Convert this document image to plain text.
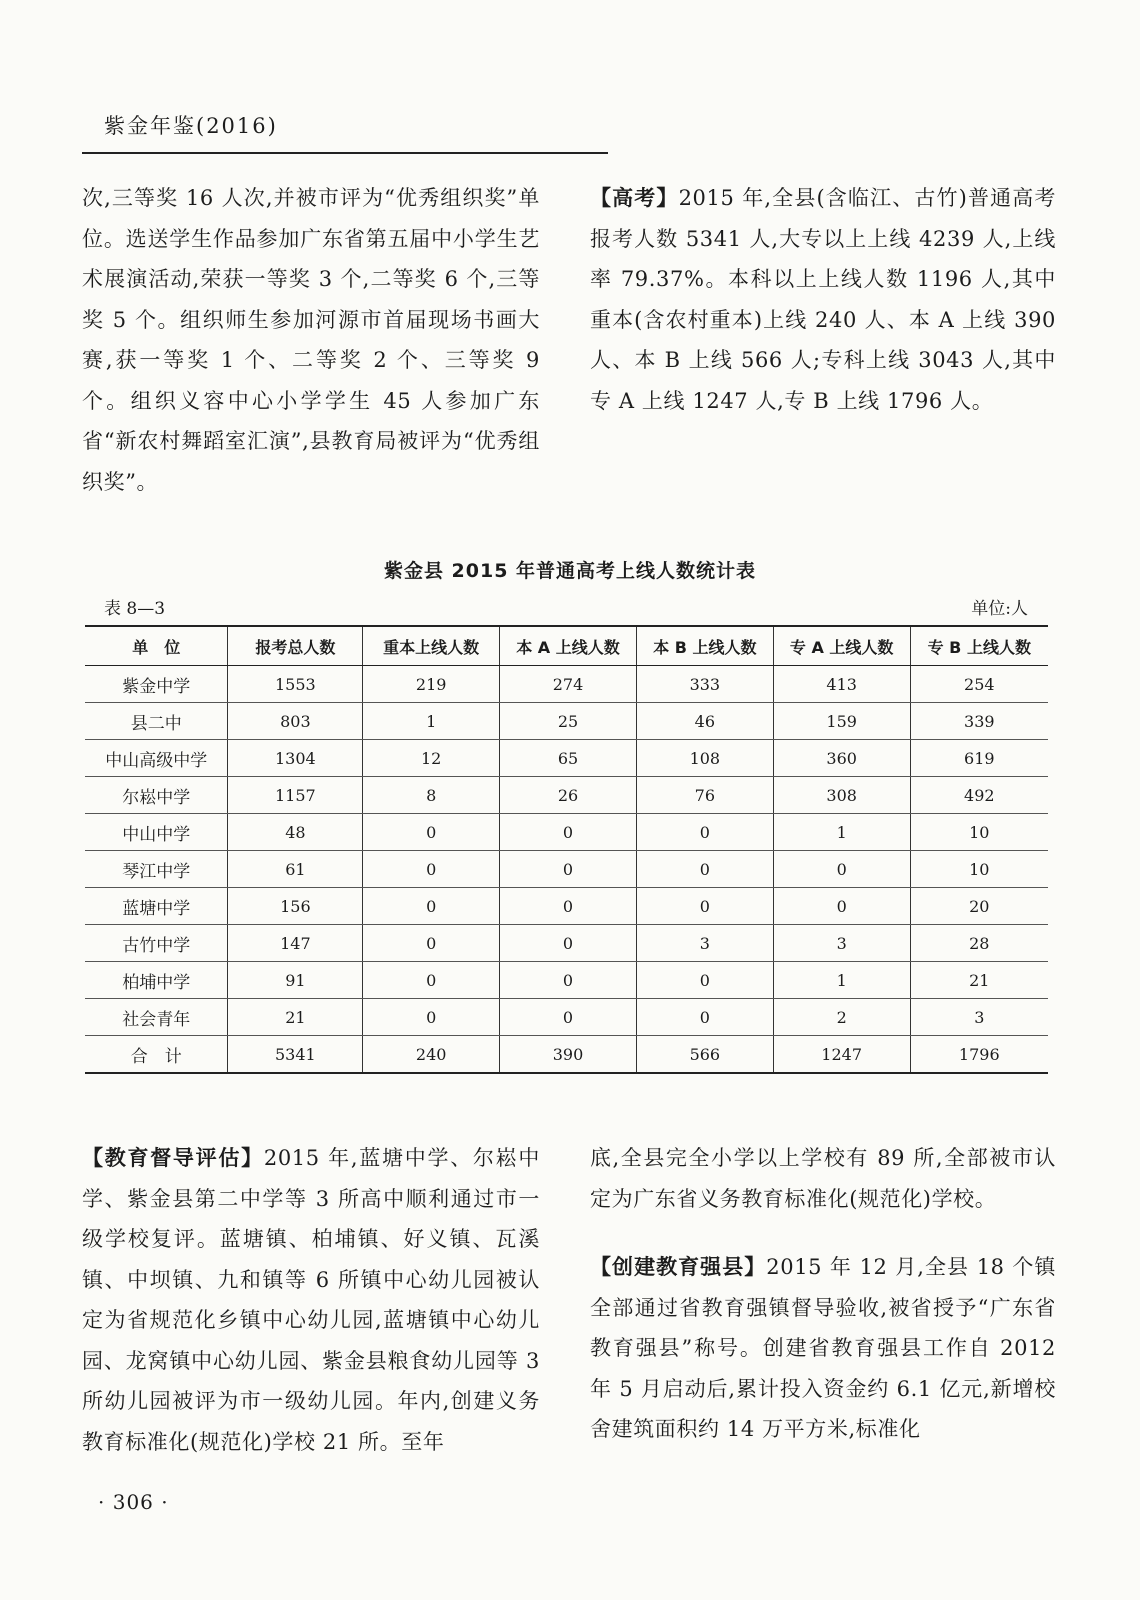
紫金年鉴(2016)

次,三等奖 16 人次,并被市评为“优秀组织奖”单位。选送学生作品参加广东省第五届中小学生艺术展演活动,荣获一等奖 3 个,二等奖 6 个,三等奖 5 个。组织师生参加河源市首届现场书画大赛,获一等奖 1 个、二等奖 2 个、三等奖 9 个。组织义容中心小学学生 45 人参加广东省“新农村舞蹈室汇演”,县教育局被评为“优秀组织奖”。

【高考】2015 年,全县(含临江、古竹)普通高考报考人数 5341 人,大专以上上线 4239 人,上线率 79.37%。本科以上上线人数 1196 人,其中重本(含农村重本)上线 240 人、本 A 上线 390 人、本 B 上线 566 人;专科上线 3043 人,其中专 A 上线 1247 人,专 B 上线 1796 人。

紫金县 2015 年普通高考上线人数统计表
表 8—3	单位:人
单　位	报考总人数	重本上线人数	本 A 上线人数	本 B 上线人数	专 A 上线人数	专 B 上线人数
紫金中学	1553	219	274	333	413	254
县二中	803	1	25	46	159	339
中山高级中学	1304	12	65	108	360	619
尔崧中学	1157	8	26	76	308	492
中山中学	48	0	0	0	1	10
琴江中学	61	0	0	0	0	10
蓝塘中学	156	0	0	0	0	20
古竹中学	147	0	0	3	3	28
柏埔中学	91	0	0	0	1	21
社会青年	21	0	0	0	2	3
合　计	5341	240	390	566	1247	1796

【教育督导评估】2015 年,蓝塘中学、尔崧中学、紫金县第二中学等 3 所高中顺利通过市一级学校复评。蓝塘镇、柏埔镇、好义镇、瓦溪镇、中坝镇、九和镇等 6 所镇中心幼儿园被认定为省规范化乡镇中心幼儿园,蓝塘镇中心幼儿园、龙窝镇中心幼儿园、紫金县粮食幼儿园等 3 所幼儿园被评为市一级幼儿园。年内,创建义务教育标准化(规范化)学校 21 所。至年

底,全县完全小学以上学校有 89 所,全部被市认定为广东省义务教育标准化(规范化)学校。

【创建教育强县】2015 年 12 月,全县 18 个镇全部通过省教育强镇督导验收,被省授予“广东省教育强县”称号。创建省教育强县工作自 2012 年 5 月启动后,累计投入资金约 6.1 亿元,新增校舍建筑面积约 14 万平方米,标准化

· 306 ·
